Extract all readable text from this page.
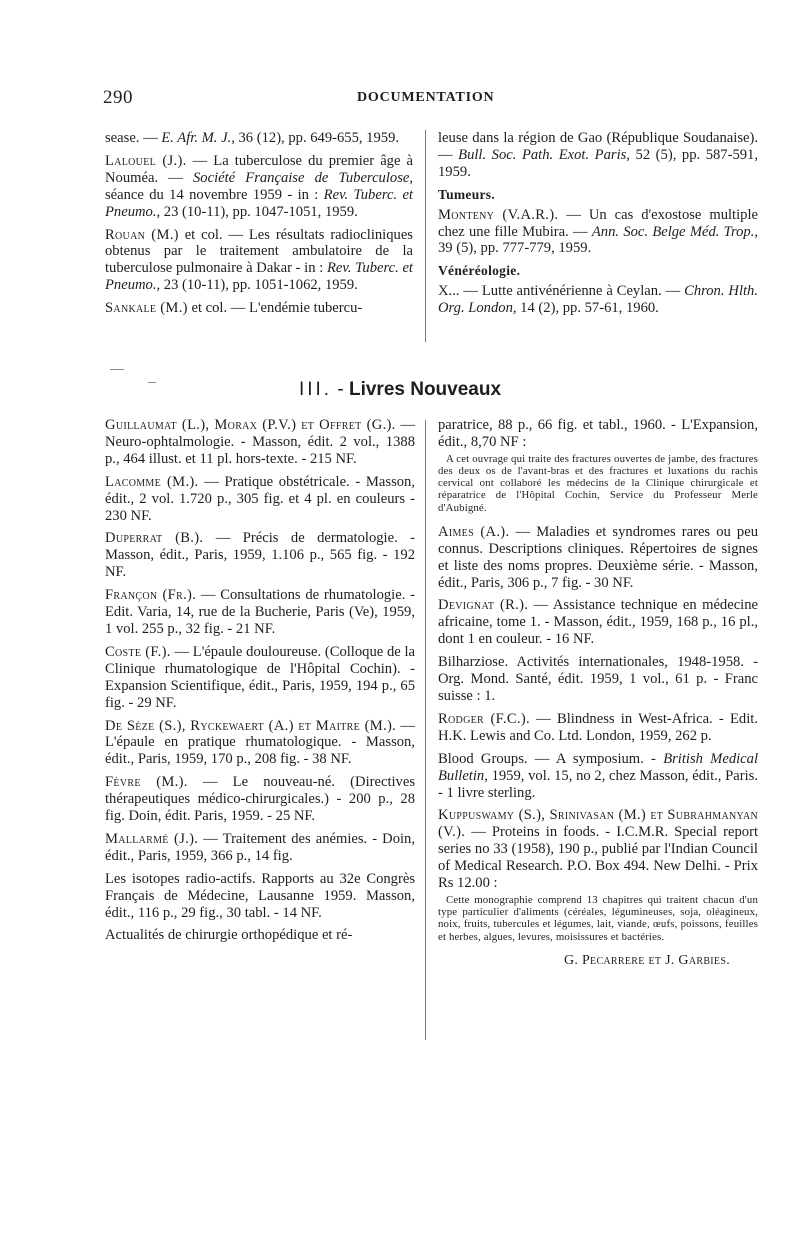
290	DOCUMENTATION

sease. — E. Afr. M. J., 36 (12), pp. 649-655, 1959.

Lalouel (J.). — La tuberculose du premier âge à Nouméa. — Société Française de Tuberculose, séance du 14 novembre 1959 - in : Rev. Tuberc. et Pneumo., 23 (10-11), pp. 1047-1051, 1959.

Rouan (M.) et col. — Les résultats radiocliniques obtenus par le traitement ambulatoire de la tuberculose pulmonaire à Dakar - in : Rev. Tuberc. et Pneumo., 23 (10-11), pp. 1051-1062, 1959.

Sankale (M.) et col. — L'endémie tubercu-

leuse dans la région de Gao (République Soudanaise). — Bull. Soc. Path. Exot. Paris, 52 (5), pp. 587-591, 1959.

Tumeurs.

Monteny (V.A.R.). — Un cas d'exostose multiple chez une fille Mubira. — Ann. Soc. Belge Méd. Trop., 39 (5), pp. 777-779, 1959.

Vénéréologie.

X... — Lutte antivénérienne à Ceylan. — Chron. Hlth. Org. London, 14 (2), pp. 57-61, 1960.

III. - Livres Nouveaux

Guillaumat (L.), Morax (P.V.) et Offret (G.). — Neuro-ophtalmologie. - Masson, édit. 2 vol., 1388 p., 464 illust. et 11 pl. hors-texte. - 215 NF.

Lacomme (M.). — Pratique obstétricale. - Masson, édit., 2 vol. 1.720 p., 305 fig. et 4 pl. en couleurs - 230 NF.

Duperrat (B.). — Précis de dermatologie. - Masson, édit., Paris, 1959, 1.106 p., 565 fig. - 192 NF.

Françon (Fr.). — Consultations de rhumatologie. - Edit. Varia, 14, rue de la Bucherie, Paris (Ve), 1959, 1 vol. 255 p., 32 fig. - 21 NF.

Coste (F.). — L'épaule douloureuse. (Colloque de la Clinique rhumatologique de l'Hôpital Cochin). - Expansion Scientifique, édit., Paris, 1959, 194 p., 65 fig. - 29 NF.

De Sèze (S.), Ryckewaert (A.) et Maitre (M.). — L'épaule en pratique rhumatologique. - Masson, édit., Paris, 1959, 170 p., 208 fig. - 38 NF.

Fèvre (M.). — Le nouveau-né. (Directives thérapeutiques médico-chirurgicales.) - 200 p., 28 fig. Doin, édit. Paris, 1959. - 25 NF.

Mallarmé (J.). — Traitement des anémies. - Doin, édit., Paris, 1959, 366 p., 14 fig.

Les isotopes radio-actifs. Rapports au 32e Congrès Français de Médecine, Lausanne 1959. Masson, édit., 116 p., 29 fig., 30 tabl. - 14 NF.

Actualités de chirurgie orthopédique et ré-

paratrice, 88 p., 66 fig. et tabl., 1960. - L'Expansion, édit., 8,70 NF :

A cet ouvrage qui traite des fractures ouvertes de jambe, des fractures des deux os de l'avant-bras et des fractures et luxations du rachis cervical ont collaboré les médecins de la Clinique chirurgicale et réparatrice de l'Hôpital Cochin, Service du Professeur Merle d'Aubigné.

Aimes (A.). — Maladies et syndromes rares ou peu connus. Descriptions cliniques. Répertoires de signes et liste des noms propres. Deuxième série. - Masson, édit., Paris, 306 p., 7 fig. - 30 NF.

Devignat (R.). — Assistance technique en médecine africaine, tome 1. - Masson, édit., 1959, 168 p., 16 pl., dont 1 en couleur. - 16 NF.

Bilharziose. Activités internationales, 1948-1958. - Org. Mond. Santé, édit. 1959, 1 vol., 61 p. - Franc suisse : 1.

Rodger (F.C.). — Blindness in West-Africa. - Edit. H.K. Lewis and Co. Ltd. London, 1959, 262 p.

Blood Groups. — A symposium. - British Medical Bulletin, 1959, vol. 15, no 2, chez Masson, édit., Paris. - 1 livre sterling.

Kuppuswamy (S.), Srinivasan (M.) et Subrahmanyan (V.). — Proteins in foods. - I.C.M.R. Special report series no 33 (1958), 190 p., publié par l'Indian Council of Medical Research. P.O. Box 494. New Delhi. - Prix Rs 12.00 :

Cette monographie comprend 13 chapitres qui traitent chacun d'un type particulier d'aliments (céréales, légumineuses, soja, oléagineux, noix, fruits, tubercules et légumes, lait, viande, œufs, poissons, feuilles et herbes, algues, levures, moisissures et bactéries.

G. Pecarrere et J. Garbies.
